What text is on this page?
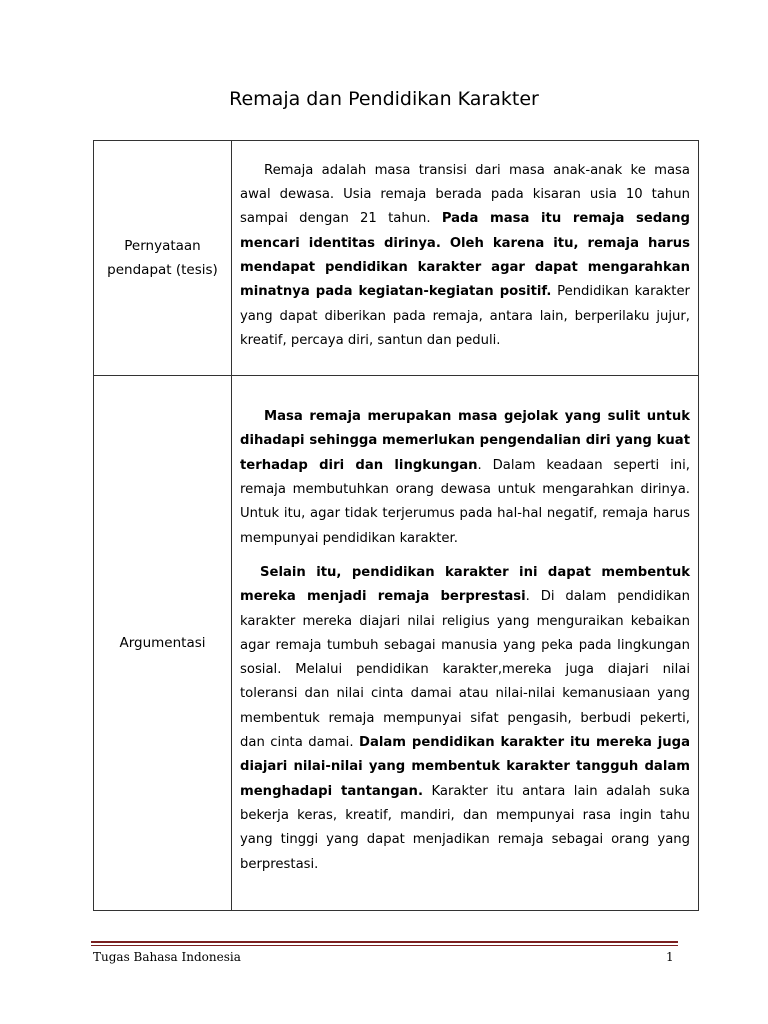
Remaja dan Pendidikan Karakter
Pernyataan pendapat (tesis)	Remaja adalah masa transisi dari masa anak-anak ke masa awal dewasa. Usia remaja berada pada kisaran usia 10 tahun sampai dengan 21 tahun. Pada masa itu remaja sedang mencari identitas dirinya. Oleh karena itu, remaja harus mendapat pendidikan karakter agar dapat mengarahkan minatnya pada kegiatan-kegiatan positif. Pendidikan karakter yang dapat diberikan pada remaja, antara lain, berperilaku jujur, kreatif, percaya diri, santun dan peduli.

Argumentasi	Masa remaja merupakan masa gejolak yang sulit untuk dihadapi sehingga memerlukan pengendalian diri yang kuat terhadap diri dan lingkungan. Dalam keadaan seperti ini, remaja membutuhkan orang dewasa untuk mengarahkan dirinya. Untuk itu, agar tidak terjerumus pada hal-hal negatif, remaja harus mempunyai pendidikan karakter.

Selain itu, pendidikan karakter ini dapat membentuk mereka menjadi remaja berprestasi. Di dalam pendidikan karakter mereka diajari nilai religius yang menguraikan kebaikan agar remaja tumbuh sebagai manusia yang peka pada lingkungan sosial. Melalui pendidikan karakter,mereka juga diajari nilai toleransi dan nilai cinta damai atau nilai-nilai kemanusiaan yang membentuk remaja mempunyai sifat pengasih, berbudi pekerti, dan cinta damai. Dalam pendidikan karakter itu mereka juga diajari nilai-nilai yang membentuk karakter tangguh dalam menghadapi tantangan. Karakter itu antara lain adalah suka bekerja keras, kreatif, mandiri, dan mempunyai rasa ingin tahu yang tinggi yang dapat menjadikan remaja sebagai orang yang berprestasi.

Tugas Bahasa Indonesia	1
